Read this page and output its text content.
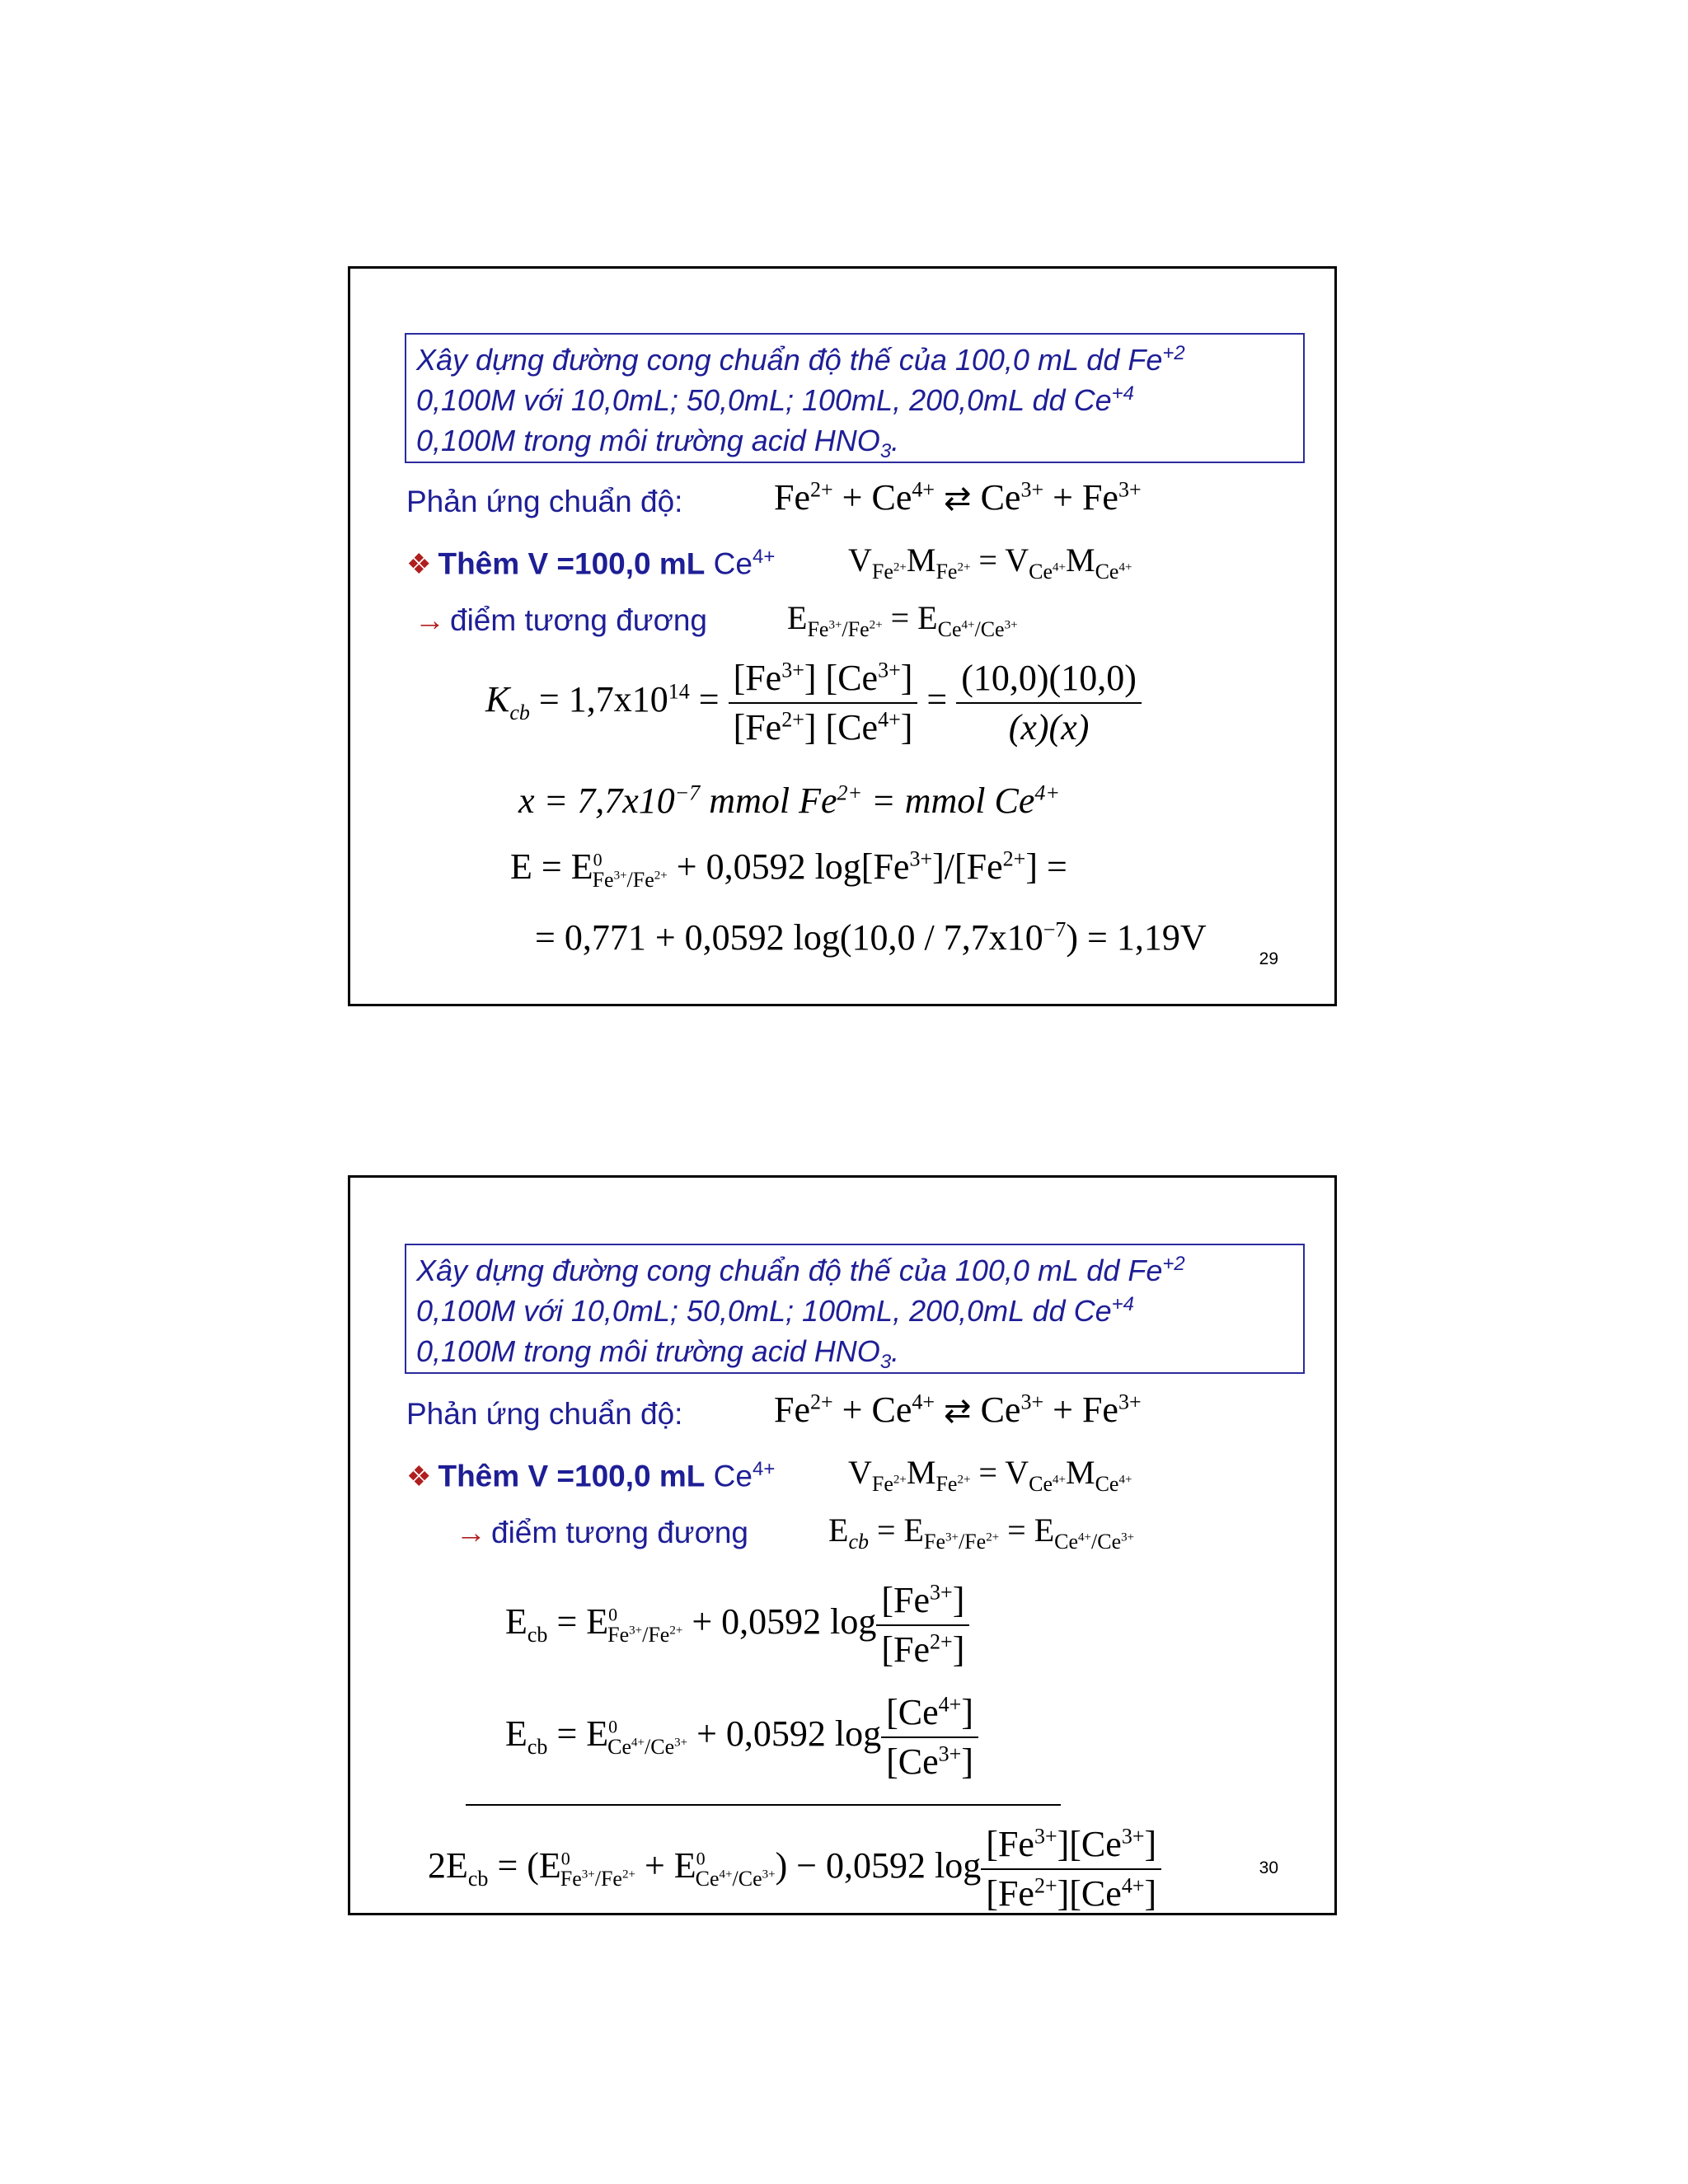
Xây dựng đường cong chuẩn độ thế của 100,0 mL dd $Fe^{+2}$
0,100M với 10,0mL; 50,0mL; 100mL, 200,0mL dd $Ce^{+4}$
0,100M trong môi trường acid $HNO_3$.
Phản ứng chuẩn độ:	$Fe^{2+} + Ce^{4+}$ ⇄ $Ce^{3+} + Fe^{3+}$
❖ Thêm V =100,0 mL $Ce^{4+}$ $V_{Fe^{2+}}M_{Fe^{2+}} = V_{Ce^{4+}}M_{Ce^{4+}}$
→ điểm tương đương $E_{Fe^{3+}/Fe^{2+}} = E_{Ce^{4+}/Ce^{3+}}$
$K_{cb} = 1,7x10^{14} = \frac{[Fe^{3+}] [Ce^{3+}]}{[Fe^{2+}] [Ce^{4+}]} = \frac{(10,0)(10,0)}{(x)(x)}$
$x = 7,7x10^{-7}$ mmol $Fe^{2+}$ = mmol $Ce^{4+}$
$E = E^0_{Fe^{3+}/Fe^{2+}} + 0,0592$ $\log[Fe^{3+}]/[Fe^{2+}]$ =
= 0,771 + 0,0592 $\log(10,0 / 7,7x10^{-7}) = 1,19V$
29
Xây dựng đường cong chuẩn độ thế của 100,0 mL dd $Fe^{+2}$
0,100M với 10,0mL; 50,0mL; 100mL, 200,0mL dd $Ce^{+4}$
0,100M trong môi trường acid $HNO_3$.
Phản ứng chuẩn độ:	$Fe^{2+} + Ce^{4+}$ ⇄ $Ce^{3+} + Fe^{3+}$
❖ Thêm V =100,0 mL $Ce^{4+}$ $V_{Fe^{2+}}M_{Fe^{2+}} = V_{Ce^{4+}}M_{Ce^{4+}}$
→ điểm tương đương $E_{cb} = E_{Fe^{3+}/Fe^{2+}} = E_{Ce^{4+}/Ce^{3+}}$
$E_{cb} = E^0_{Fe^{3+}/Fe^{2+}} + 0,0592$ $\log \frac{[Fe^{3+}]}{[Fe^{2+}]}$
$E_{cb} = E^0_{Ce^{4+}/Ce^{3+}} + 0,0592$ $\log \frac{[Ce^{4+}]}{[Ce^{3+}]}$
$2E_{cb} = (E^0_{Fe^{3+}/Fe^{2+}} + E^0_{Ce^{4+}/Ce^{3+}}) - 0,0592$ $\log \frac{[Fe^{3+}][Ce^{3+}]}{[Fe^{2+}][Ce^{4+}]}$	30
